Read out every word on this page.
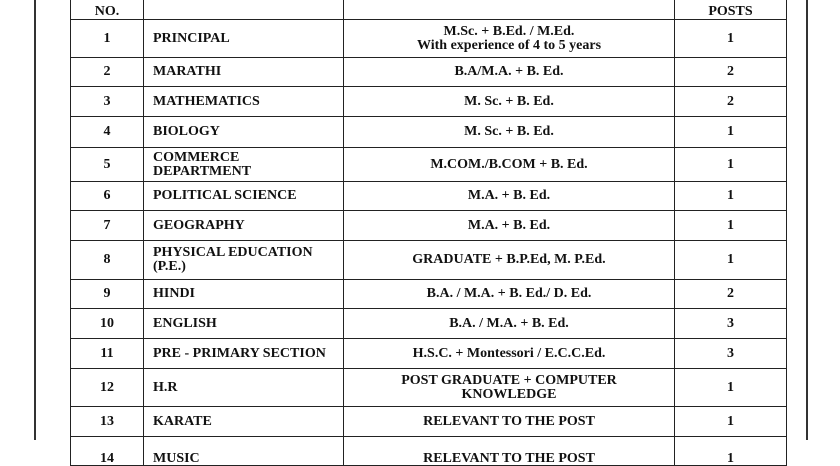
NO.			POSTS

1	PRINCIPAL	M.Sc. + B.Ed. / M.Ed.
With experience of 4 to 5 years	1
2	MARATHI	B.A/M.A. + B. Ed.	2
3	MATHEMATICS	M. Sc. + B. Ed.	2
4	BIOLOGY	M. Sc. + B. Ed.	1
5	COMMERCE
DEPARTMENT	M.COM./B.COM + B. Ed.	1
6	POLITICAL SCIENCE	M.A. + B. Ed.	1
7	GEOGRAPHY	M.A. + B. Ed.	1
8	PHYSICAL EDUCATION
(P.E.)	GRADUATE + B.P.Ed, M. P.Ed.	1
9	HINDI	B.A. / M.A. + B. Ed./ D. Ed.	2
10	ENGLISH	B.A. / M.A. + B. Ed.	3
11	PRE - PRIMARY SECTION	H.S.C. + Montessori / E.C.C.Ed.	3
12	H.R	POST GRADUATE + COMPUTER
KNOWLEDGE	1
13	KARATE	RELEVANT TO THE POST	1
14	MUSIC	RELEVANT TO THE POST	1
